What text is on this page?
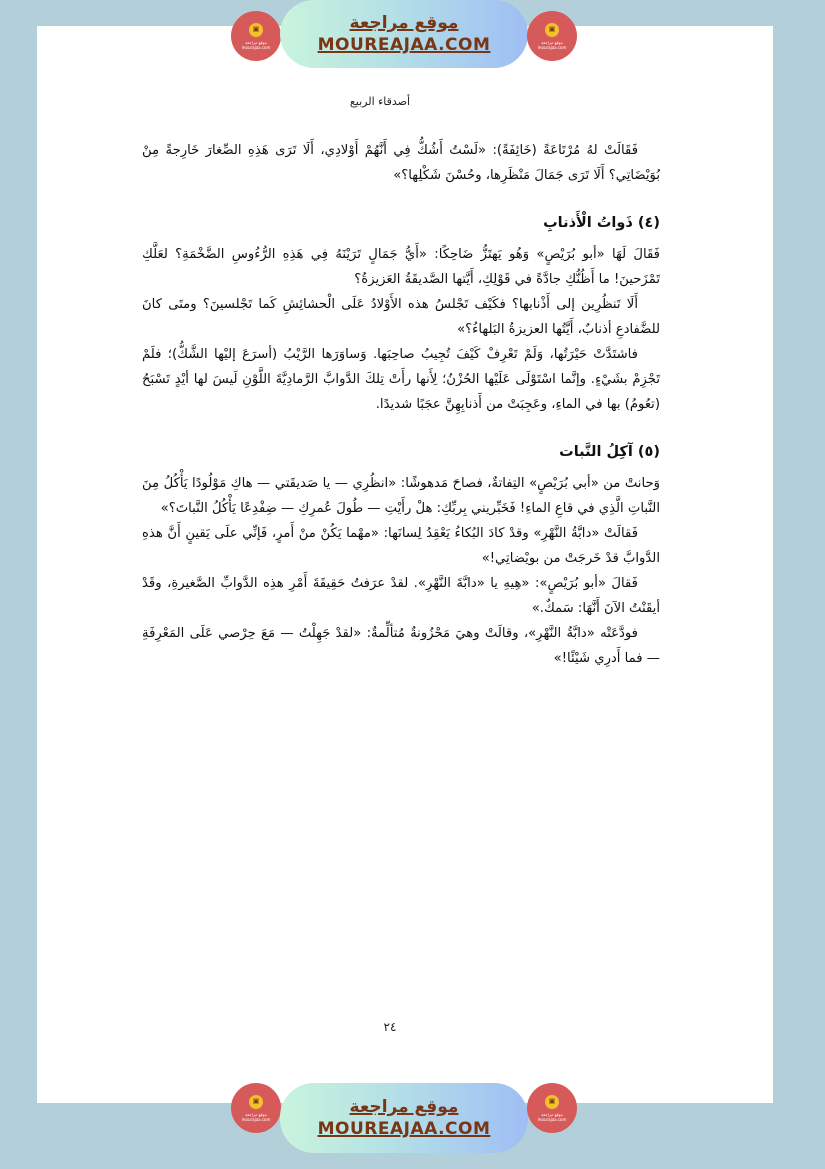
▣
موقع مراجعة
mourajaa.com
موقع مراجعة
MOUREAJAA.COM
▣
موقع مراجعة
mourajaa.com
أصدقاء الربيع

فَقَالَتْ لهُ مُرْتَاعَةً (خَائِفَةً): «لَسْتُ أَشُكُّ فِي أَنَّهُمْ أَوْلادِي، أَلَا تَرَى هَذِهِ الصِّغارَ خَارِجةً مِنْ بُوَيْضَاتِي؟ أَلَا تَرَى جَمَالَ مَنْظَرِها، وحُسْنَ شَكْلِها؟»

(٤) ذَواتُ الْأَذنابِ

فَقَالَ لَهَا «أبو بُرَيْصٍ» وَهُو يَهتَزُّ ضَاحِكًا: «أَيُّ جَمَالٍ تَرَيْنَهُ فِي هَذِهِ الرُّءُوسِ الضَّخْمَةِ؟ لعَلَّكِ تَمْزَحينَ! ما أَظُنُّكِ جادَّةً في قَوْلِكِ، أَيَّتها الصَّديقَةُ العَزيزةُ؟

أَلَا تَنظُرِين إلى أَذْنابها؟ فكَيْف تَجْلسُ هذه الأَوْلادُ عَلَى الْحشائِشِ كَما تَجْلسينَ؟ ومتَى كانَ للضَّفادعِ أذنابٌ، أَيَّتُها العزيزةُ البَلهاءُ؟»

فاشتَدَّتْ حَيْرَتُها، وَلَمْ تَعْرِفْ كَيْفَ تُجِيبُ صاحِبَها. وَساوَرَها الرَّيْبُ (أسرَعَ إليْها الشَّكُّ)؛ فلَمْ تَجْزِمْ بشَيْءٍ. وإنَّما اسْتَوْلَى عَلَيْها الحُزْنُ؛ لِأَنها رأَتْ تِلكَ الدَّوابَّ الرَّمادِيَّةَ اللَّوْنِ لَيسَ لها أيْدٍ تَسْبَحُ (تعُومُ) بها في الماءِ، وعَجِبَتْ من أَذنابِهِنَّ عجَبًا شديدًا.

(٥) آكِلُ النَّبات

وَحانتْ من «أبي بُرَيْصٍ» التِفاتةٌ، فصاحَ مَدهوشًا: «انظُرِي — يا صَديقَتي — هاكِ مَوْلُودًا يَأْكُلُ مِنَ النَّباتِ الَّذِي في قاعِ الماءِ! فَخَبِّريني بِربِّكِ: هلْ رأَيْتِ — طُولَ عُمرِكِ — ضِفْدِعًا يَأْكُلُ النَّباتَ؟»

فَقالَتْ «دابَّةُ النَّهْرِ» وقدْ كادَ البُكاءُ يَعْقِدُ لِسانَها: «مهْما يَكُنْ منْ أَمرٍ، فَإنِّي علَى يَقينٍ أَنَّ هذهِ الدَّوابَّ قدْ خَرجَتْ من بويْضاتِي!»

فَقالَ «أبو بُرَيْصٍ»: «هِيهِ يا «دابَّةَ النَّهْرِ». لقدْ عرَفتُ حَقِيقَةَ أَمْرِ هذِه الدَّوابِّ الصَّغيرةِ، وقَدْ أيقَنْتُ الآنَ أَنَّهَا: سَمكٌ.»

فودَّعَتْه «دابَّةُ النَّهْرِ»، وقالَتْ وهيَ مَحْزُونةٌ مُتألِّمةٌ: «لقدْ جَهِلْتُ — مَعَ حِرْصي عَلَى المَعْرِفَةِ — فما أَدرِي شَيْئًا!»

٢٤
▣
موقع مراجعة
mourajaa.com
موقع مراجعة
MOUREAJAA.COM
▣
موقع مراجعة
mourajaa.com
